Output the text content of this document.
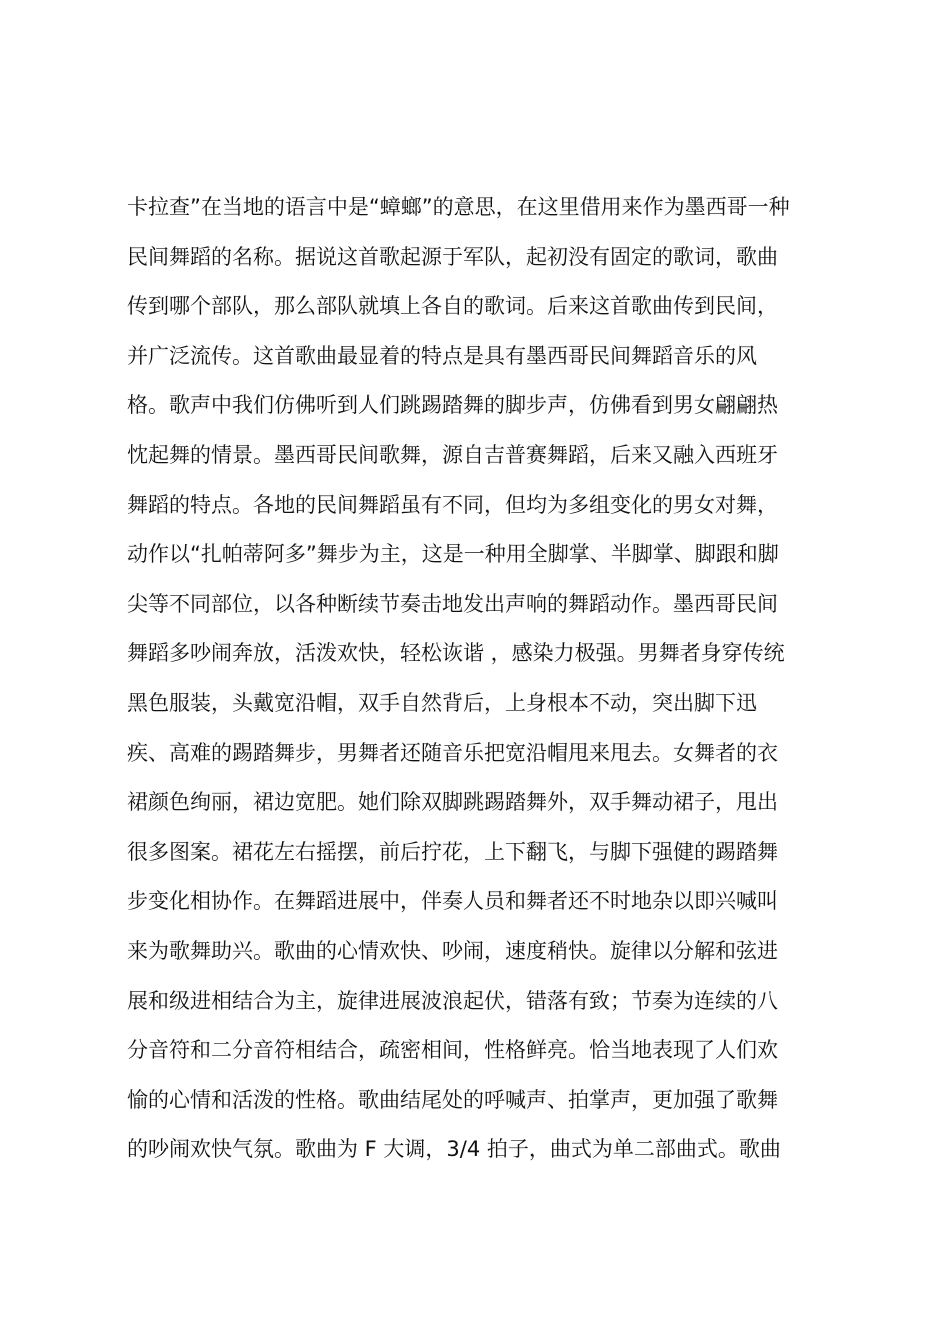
卡拉查”在当地的语言中是“蟑螂”的意思，在这里借用来作为墨西哥一种
民间舞蹈的名称。据说这首歌起源于军队，起初没有固定的歌词，歌曲
传到哪个部队，那么部队就填上各自的歌词。后来这首歌曲传到民间，
并广泛流传。这首歌曲最显着的特点是具有墨西哥民间舞蹈音乐的风
格。歌声中我们仿佛听到人们跳踢踏舞的脚步声，仿佛看到男女翩翩热
忱起舞的情景。墨西哥民间歌舞，源自吉普赛舞蹈，后来又融入西班牙
舞蹈的特点。各地的民间舞蹈虽有不同，但均为多组变化的男女对舞，
动作以“扎帕蒂阿多”舞步为主，这是一种用全脚掌、半脚掌、脚跟和脚
尖等不同部位，以各种断续节奏击地发出声响的舞蹈动作。墨西哥民间
舞蹈多吵闹奔放，活泼欢快，轻松诙谐 ，感染力极强。男舞者身穿传统
黑色服装，头戴宽沿帽，双手自然背后，上身根本不动，突出脚下迅
疾、高难的踢踏舞步，男舞者还随音乐把宽沿帽甩来甩去。女舞者的衣
裙颜色绚丽，裙边宽肥。她们除双脚跳踢踏舞外，双手舞动裙子，甩出
很多图案。裙花左右摇摆，前后拧花，上下翻飞，与脚下强健的踢踏舞
步变化相协作。在舞蹈进展中，伴奏人员和舞者还不时地杂以即兴喊叫
来为歌舞助兴。歌曲的心情欢快、吵闹，速度稍快。旋律以分解和弦进
展和级进相结合为主，旋律进展波浪起伏，错落有致；节奏为连续的八
分音符和二分音符相结合，疏密相间，性格鲜亮。恰当地表现了人们欢
愉的心情和活泼的性格。歌曲结尾处的呼喊声、拍掌声，更加强了歌舞
的吵闹欢快气氛。歌曲为 F 大调，3/4 拍子，曲式为单二部曲式。歌曲
